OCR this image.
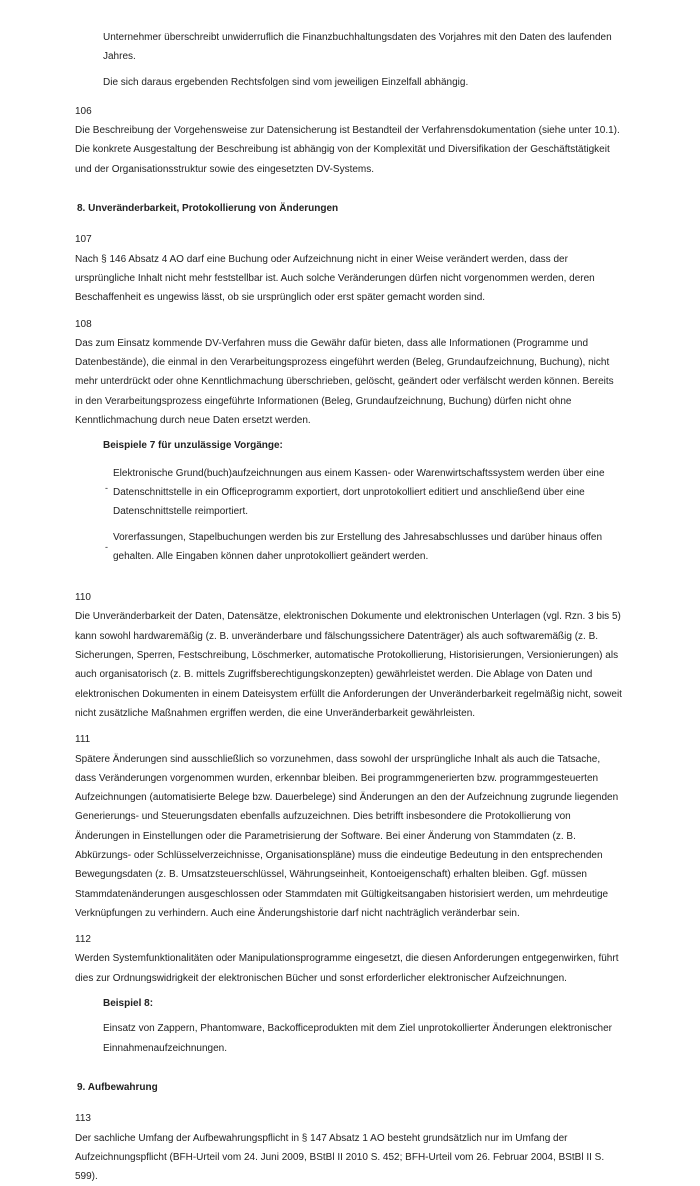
Unternehmer überschreibt unwiderruflich die Finanzbuchhaltungsdaten des Vorjahres mit den Daten des laufenden Jahres.

Die sich daraus ergebenden Rechtsfolgen sind vom jeweiligen Einzelfall abhängig.

106

Die Beschreibung der Vorgehensweise zur Datensicherung ist Bestandteil der Verfahrensdokumentation (siehe unter 10.1). Die konkrete Ausgestaltung der Beschreibung ist abhängig von der Komplexität und Diversifikation der Geschäftstätigkeit und der Organisationsstruktur sowie des eingesetzten DV-Systems.

8. Unveränderbarkeit, Protokollierung von Änderungen

107

Nach § 146 Absatz 4 AO darf eine Buchung oder Aufzeichnung nicht in einer Weise verändert werden, dass der ursprüngliche Inhalt nicht mehr feststellbar ist. Auch solche Veränderungen dürfen nicht vorgenommen werden, deren Beschaffenheit es ungewiss lässt, ob sie ursprünglich oder erst später gemacht worden sind.

108

Das zum Einsatz kommende DV-Verfahren muss die Gewähr dafür bieten, dass alle Informationen (Programme und Datenbestände), die einmal in den Verarbeitungsprozess eingeführt werden (Beleg, Grundaufzeichnung, Buchung), nicht mehr unterdrückt oder ohne Kenntlichmachung überschrieben, gelöscht, geändert oder verfälscht werden können. Bereits in den Verarbeitungsprozess eingeführte Informationen (Beleg, Grundaufzeichnung, Buchung) dürfen nicht ohne Kenntlichmachung durch neue Daten ersetzt werden.

Beispiele 7 für unzulässige Vorgänge:

-
Elektronische Grund(buch)aufzeichnungen aus einem Kassen- oder Warenwirtschaftssystem werden über eine Datenschnittstelle in ein Officeprogramm exportiert, dort unprotokolliert editiert und anschließend über eine Datenschnittstelle reimportiert.
-
Vorerfassungen, Stapelbuchungen werden bis zur Erstellung des Jahresabschlusses und darüber hinaus offen gehalten. Alle Eingaben können daher unprotokolliert geändert werden.

110

Die Unveränderbarkeit der Daten, Datensätze, elektronischen Dokumente und elektronischen Unterlagen (vgl. Rzn. 3 bis 5) kann sowohl hardwaremäßig (z. B. unveränderbare und fälschungssichere Datenträger) als auch softwaremäßig (z. B. Sicherungen, Sperren, Festschreibung, Löschmerker, automatische Protokollierung, Historisierungen, Versionierungen) als auch organisatorisch (z. B. mittels Zugriffsberechtigungskonzepten) gewährleistet werden. Die Ablage von Daten und elektronischen Dokumenten in einem Dateisystem erfüllt die Anforderungen der Unveränderbarkeit regelmäßig nicht, soweit nicht zusätzliche Maßnahmen ergriffen werden, die eine Unveränderbarkeit gewährleisten.

111

Spätere Änderungen sind ausschließlich so vorzunehmen, dass sowohl der ursprüngliche Inhalt als auch die Tatsache, dass Veränderungen vorgenommen wurden, erkennbar bleiben. Bei programmgenerierten bzw. programmgesteuerten Aufzeichnungen (automatisierte Belege bzw. Dauerbelege) sind Änderungen an den der Aufzeichnung zugrunde liegenden Generierungs- und Steuerungsdaten ebenfalls aufzuzeichnen. Dies betrifft insbesondere die Protokollierung von Änderungen in Einstellungen oder die Parametrisierung der Software. Bei einer Änderung von Stammdaten (z. B. Abkürzungs- oder Schlüsselverzeichnisse, Organisationspläne) muss die eindeutige Bedeutung in den entsprechenden Bewegungsdaten (z. B. Umsatzsteuerschlüssel, Währungseinheit, Kontoeigenschaft) erhalten bleiben. Ggf. müssen Stammdatenänderungen ausgeschlossen oder Stammdaten mit Gültigkeitsangaben historisiert werden, um mehrdeutige Verknüpfungen zu verhindern. Auch eine Änderungshistorie darf nicht nachträglich veränderbar sein.

112

Werden Systemfunktionalitäten oder Manipulationsprogramme eingesetzt, die diesen Anforderungen entgegenwirken, führt dies zur Ordnungswidrigkeit der elektronischen Bücher und sonst erforderlicher elektronischer Aufzeichnungen.

Beispiel 8:

Einsatz von Zappern, Phantomware, Backofficeprodukten mit dem Ziel unprotokollierter Änderungen elektronischer Einnahmenaufzeichnungen.

9. Aufbewahrung

113

Der sachliche Umfang der Aufbewahrungspflicht in § 147 Absatz 1 AO besteht grundsätzlich nur im Umfang der Aufzeichnungspflicht (BFH-Urteil vom 24. Juni 2009, BStBl II 2010 S. 452; BFH-Urteil vom 26. Februar 2004, BStBl II S. 599).
